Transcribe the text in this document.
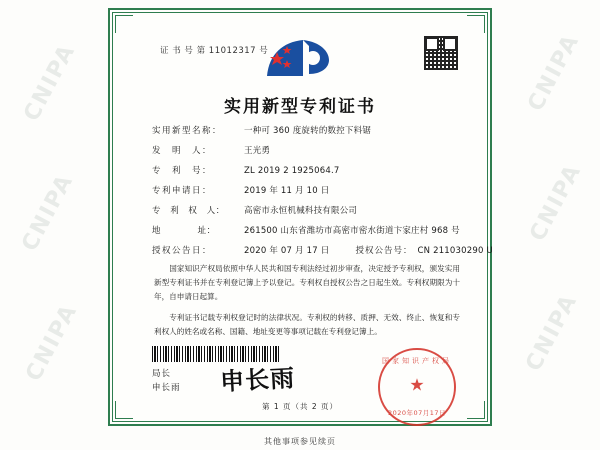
CNIPA
CNIPA
CNIPA
CNIPA
CNIPA
CNIPA
证 书 号 第 11012317 号
实用新型专利证书
实用新型名称：	一种可 360 度旋转的数控下料锯
发　明　人：	王光勇
专　利　号：	ZL 2019 2 1925064.7
专利申请日：	2019 年 11 月 10 日
专　利　权　人：	高密市永恒机械科技有限公司
地　　　　址：	261500 山东省潍坊市高密市密水街道卞家庄村 968 号
授权公告日：	2020 年 07 月 17 日	授权公告号： CN 211030290 U

国家知识产权局依照中华人民共和国专利法经过初步审查，决定授予专利权，颁发实用新型专利证书并在专利登记簿上予以登记。专利权自授权公告之日起生效。专利权期限为十年，自申请日起算。

专利证书记载专利权登记时的法律状况。专利权的转移、质押、无效、终止、恢复和专利权人的姓名或名称、国籍、地址变更等事项记载在专利登记簿上。

局长
申长雨 申长雨
国家知识产权局
★
2020年07月17日
第 1 页（共 2 页）
其他事项参见续页
